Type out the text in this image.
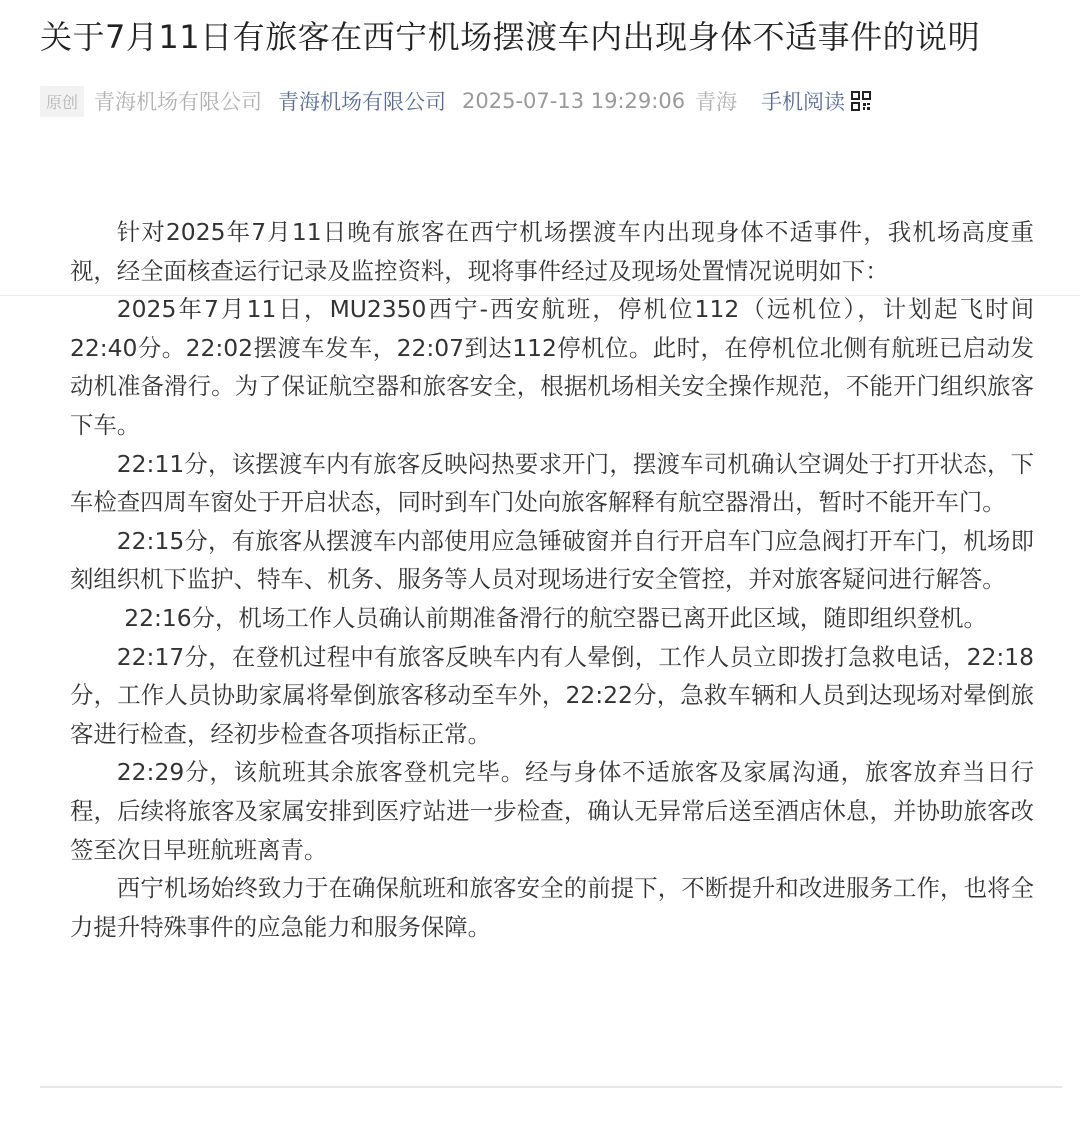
关于7月11日有旅客在西宁机场摆渡车内出现身体不适事件的说明
原创 青海机场有限公司 青海机场有限公司 2025-07-13 19:29:06 青海 手机阅读

针对2025年7月11日晚有旅客在西宁机场摆渡车内出现身体不适事件，我机场高度重视，经全面核查运行记录及监控资料，现将事件经过及现场处置情况说明如下：

2025年7月11日，MU2350西宁-西安航班，停机位112（远机位），计划起飞时间22:40分。22:02摆渡车发车，22:07到达112停机位。此时，在停机位北侧有航班已启动发动机准备滑行。为了保证航空器和旅客安全，根据机场相关安全操作规范，不能开门组织旅客下车。

22:11分，该摆渡车内有旅客反映闷热要求开门，摆渡车司机确认空调处于打开状态，下车检查四周车窗处于开启状态，同时到车门处向旅客解释有航空器滑出，暂时不能开车门。

22:15分，有旅客从摆渡车内部使用应急锤破窗并自行开启车门应急阀打开车门，机场即刻组织机下监护、特车、机务、服务等人员对现场进行安全管控，并对旅客疑问进行解答。

22:16分，机场工作人员确认前期准备滑行的航空器已离开此区域，随即组织登机。

22:17分，在登机过程中有旅客反映车内有人晕倒，工作人员立即拨打急救电话，22:18分，工作人员协助家属将晕倒旅客移动至车外，22:22分，急救车辆和人员到达现场对晕倒旅客进行检查，经初步检查各项指标正常。

22:29分，该航班其余旅客登机完毕。经与身体不适旅客及家属沟通，旅客放弃当日行程，后续将旅客及家属安排到医疗站进一步检查，确认无异常后送至酒店休息，并协助旅客改签至次日早班航班离青。

西宁机场始终致力于在确保航班和旅客安全的前提下，不断提升和改进服务工作，也将全力提升特殊事件的应急能力和服务保障。
